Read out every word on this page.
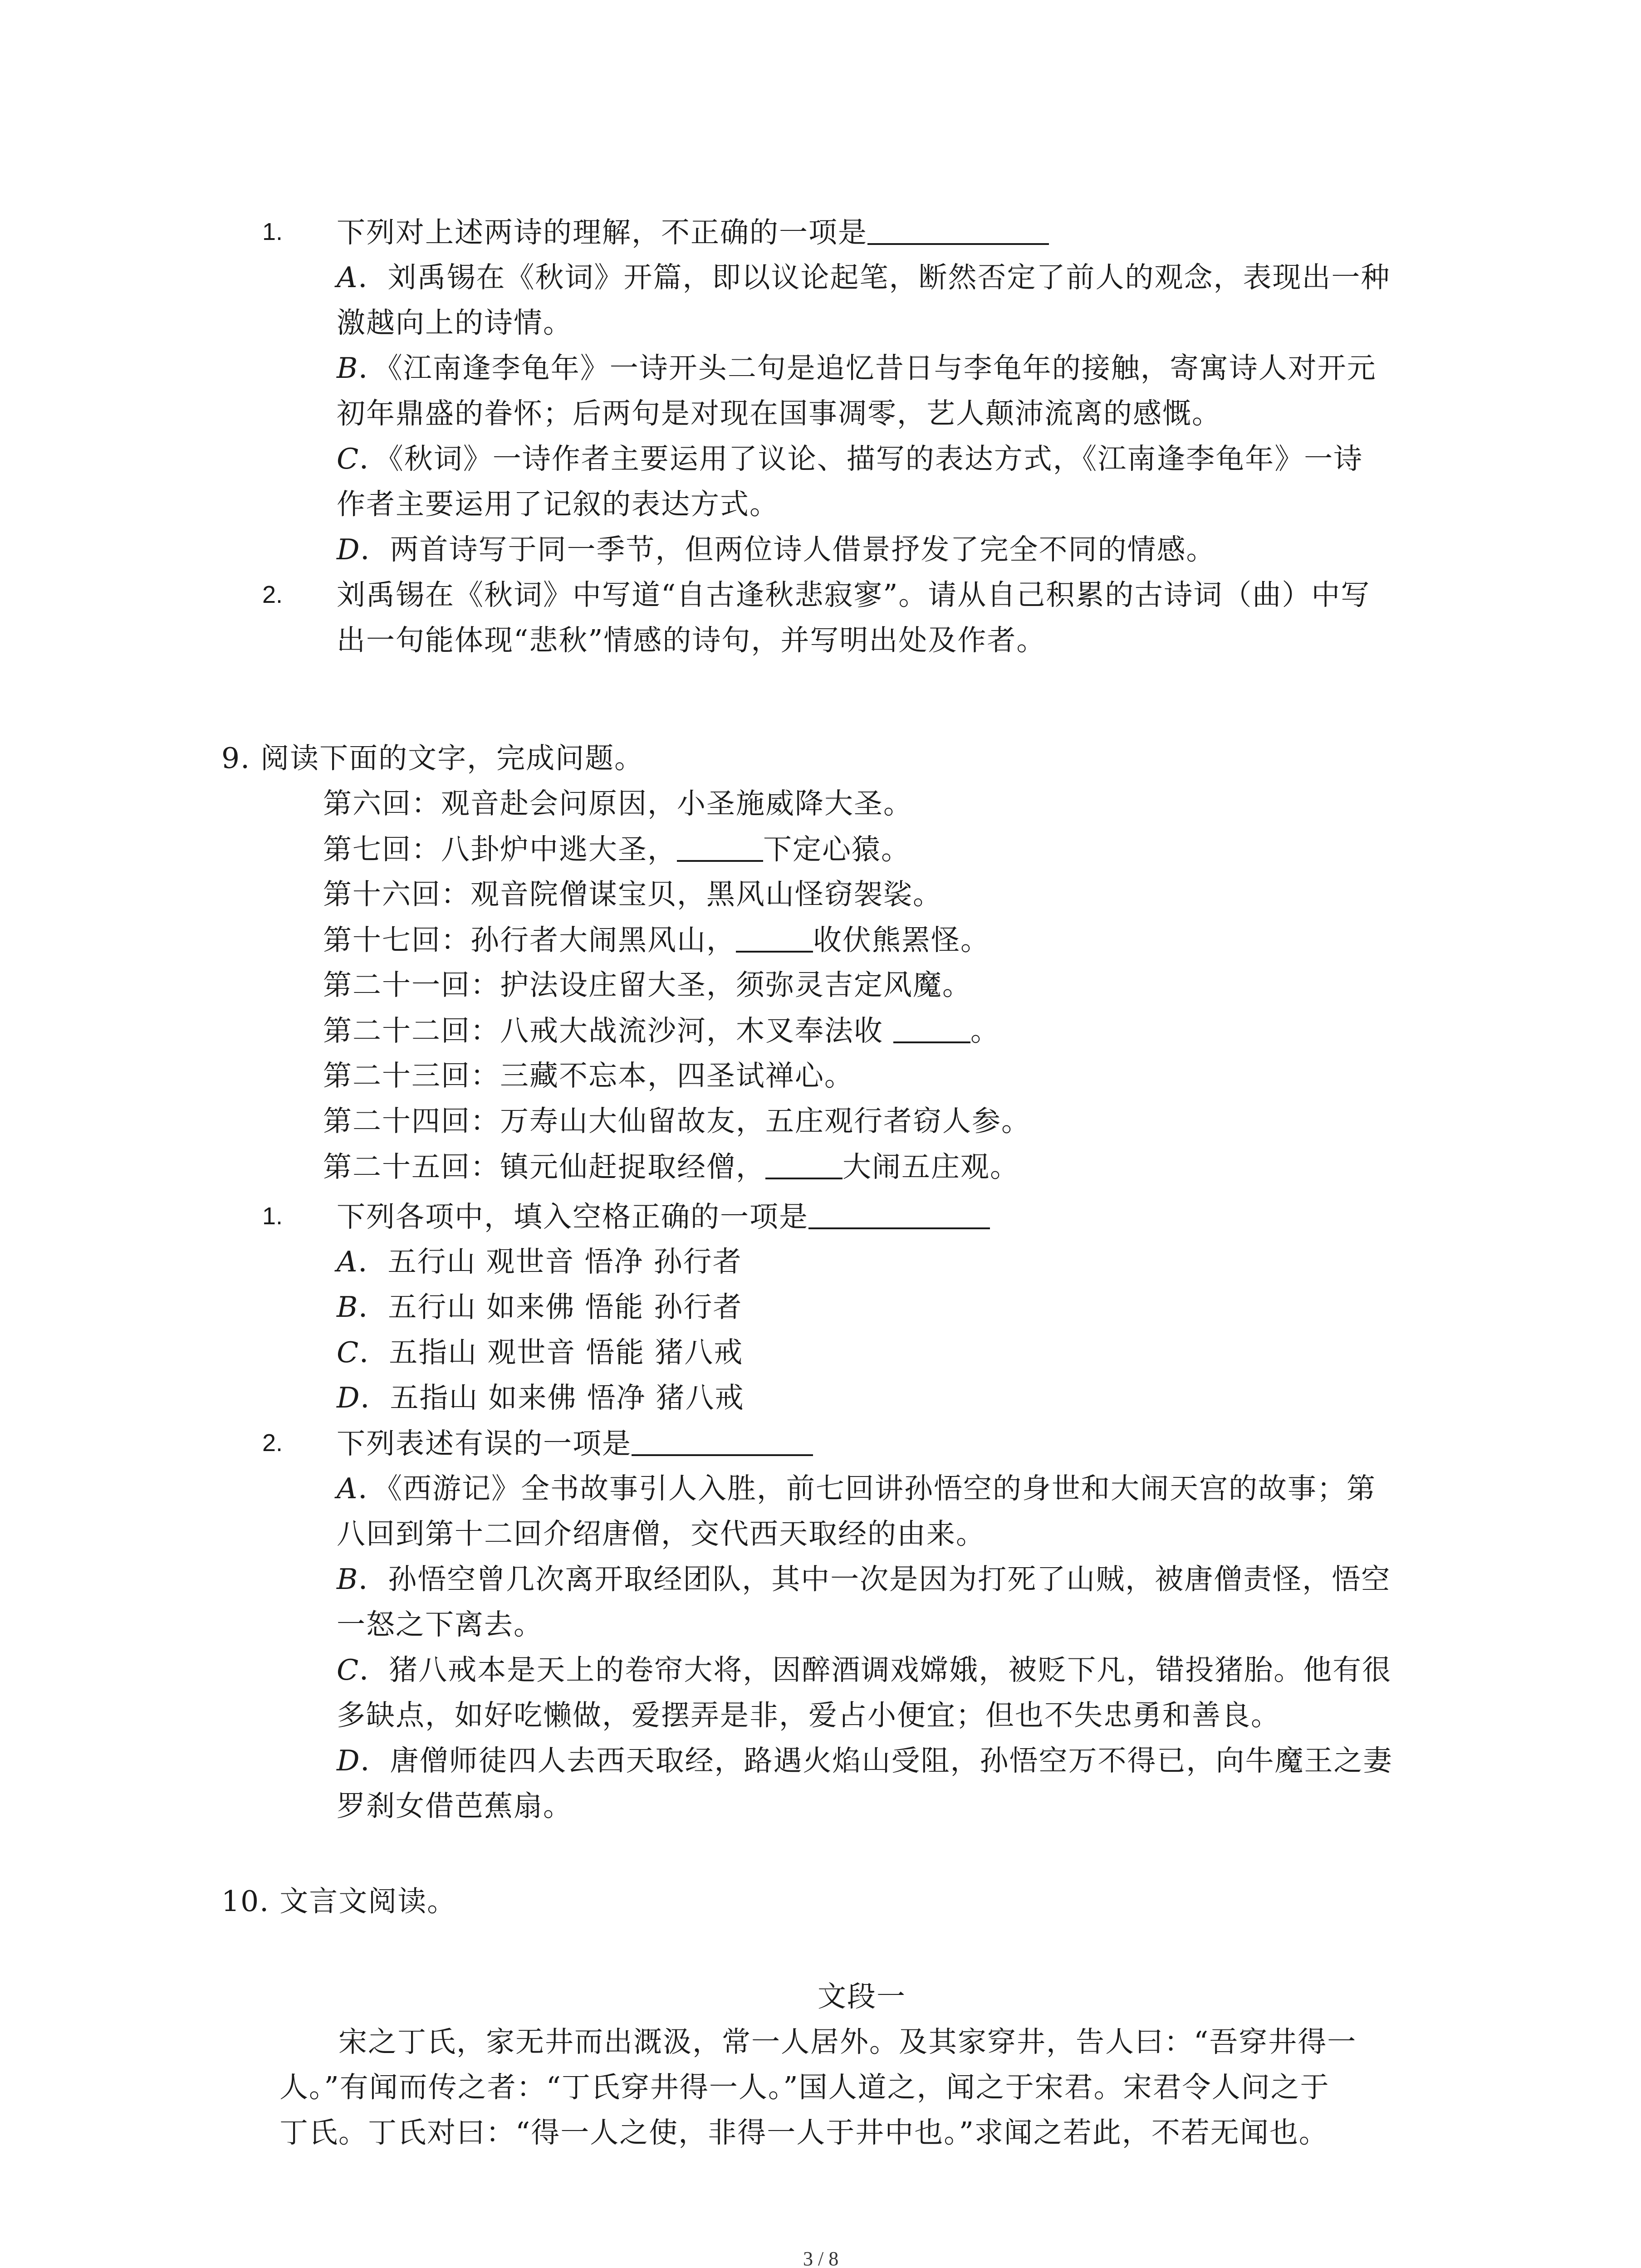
1. 下列对上述两诗的理解，不正确的一项是
A．刘禹锡在《秋词》开篇，即以议论起笔，断然否定了前人的观念，表现出一种
激越向上的诗情。
B．《江南逢李龟年》一诗开头二句是追忆昔日与李龟年的接触，寄寓诗人对开元
初年鼎盛的眷怀；后两句是对现在国事凋零，艺人颠沛流离的感慨。
C．《秋词》一诗作者主要运用了议论、描写的表达方式，《江南逢李龟年》一诗
作者主要运用了记叙的表达方式。
D．两首诗写于同一季节，但两位诗人借景抒发了完全不同的情感。
2. 刘禹锡在《秋词》中写道“自古逢秋悲寂寥”。请从自己积累的古诗词（曲）中写
出一句能体现“悲秋”情感的诗句，并写明出处及作者。
9. 阅读下面的文字，完成问题。
第六回：观音赴会问原因，小圣施威降大圣。
第七回：八卦炉中逃大圣，	下定心猿。
第十六回：观音院僧谋宝贝，黑风山怪窃袈裟。
第十七回：孙行者大闹黑风山，	收伏熊罴怪。
第二十一回：护法设庄留大圣，须弥灵吉定风魔。
第二十二回：八戒大战流沙河，木叉奉法收	。
第二十三回：三藏不忘本，四圣试禅心。
第二十四回：万寿山大仙留故友，五庄观行者窃人参。
第二十五回：镇元仙赶捉取经僧，	大闹五庄观。
1. 下列各项中，填入空格正确的一项是
A．五行山 观世音 悟净 孙行者
B．五行山 如来佛 悟能 孙行者
C．五指山 观世音 悟能 猪八戒
D．五指山 如来佛 悟净 猪八戒
2. 下列表述有误的一项是
A．《西游记》全书故事引人入胜，前七回讲孙悟空的身世和大闹天宫的故事；第
八回到第十二回介绍唐僧，交代西天取经的由来。
B．孙悟空曾几次离开取经团队，其中一次是因为打死了山贼，被唐僧责怪，悟空
一怒之下离去。
C．猪八戒本是天上的卷帘大将，因醉酒调戏嫦娥，被贬下凡，错投猪胎。他有很
多缺点，如好吃懒做，爱摆弄是非，爱占小便宜；但也不失忠勇和善良。
D．唐僧师徒四人去西天取经，路遇火焰山受阻，孙悟空万不得已，向牛魔王之妻
罗刹女借芭蕉扇。
10. 文言文阅读。
文段一
　　宋之丁氏，家无井而出溉汲，常一人居外。及其家穿井，告人曰：“吾穿井得一
人。”有闻而传之者：“丁氏穿井得一人。”国人道之，闻之于宋君。宋君令人问之于
丁氏。丁氏对曰：“得一人之使，非得一人于井中也。”求闻之若此，不若无闻也。
3 / 8
